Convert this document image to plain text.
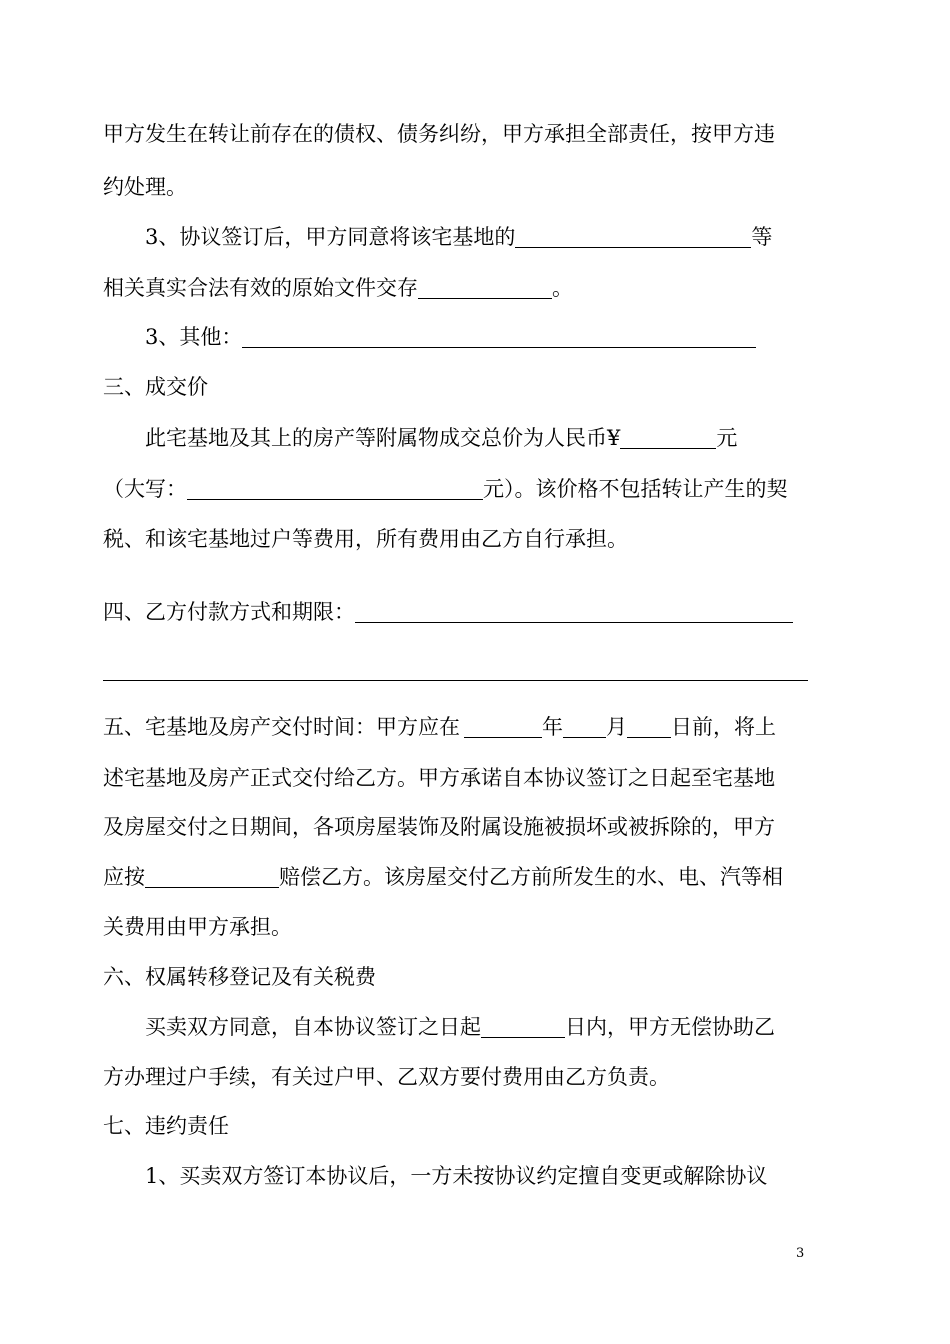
甲方发生在转让前存在的债权、债务纠纷，甲方承担全部责任，按甲方违
约处理。
3、协议签订后，甲方同意将该宅基地的	等
相关真实合法有效的原始文件交存	。
3、其他：
三、成交价
此宅基地及其上的房产等附属物成交总价为人民币¥	元
（大写：	元）。该价格不包括转让产生的契
税、和该宅基地过户等费用，所有费用由乙方自行承担。
四、乙方付款方式和期限：
五、宅基地及房产交付时间：甲方应在	年 月 日前，将上
述宅基地及房产正式交付给乙方。甲方承诺自本协议签订之日起至宅基地
及房屋交付之日期间，各项房屋装饰及附属设施被损坏或被拆除的，甲方
应按	赔偿乙方。该房屋交付乙方前所发生的水、电、汽等相
关费用由甲方承担。
六、权属转移登记及有关税费
买卖双方同意，自本协议签订之日起	日内，甲方无偿协助乙
方办理过户手续，有关过户甲、乙双方要付费用由乙方负责。
七、违约责任
1、买卖双方签订本协议后，一方未按协议约定擅自变更或解除协议
3
